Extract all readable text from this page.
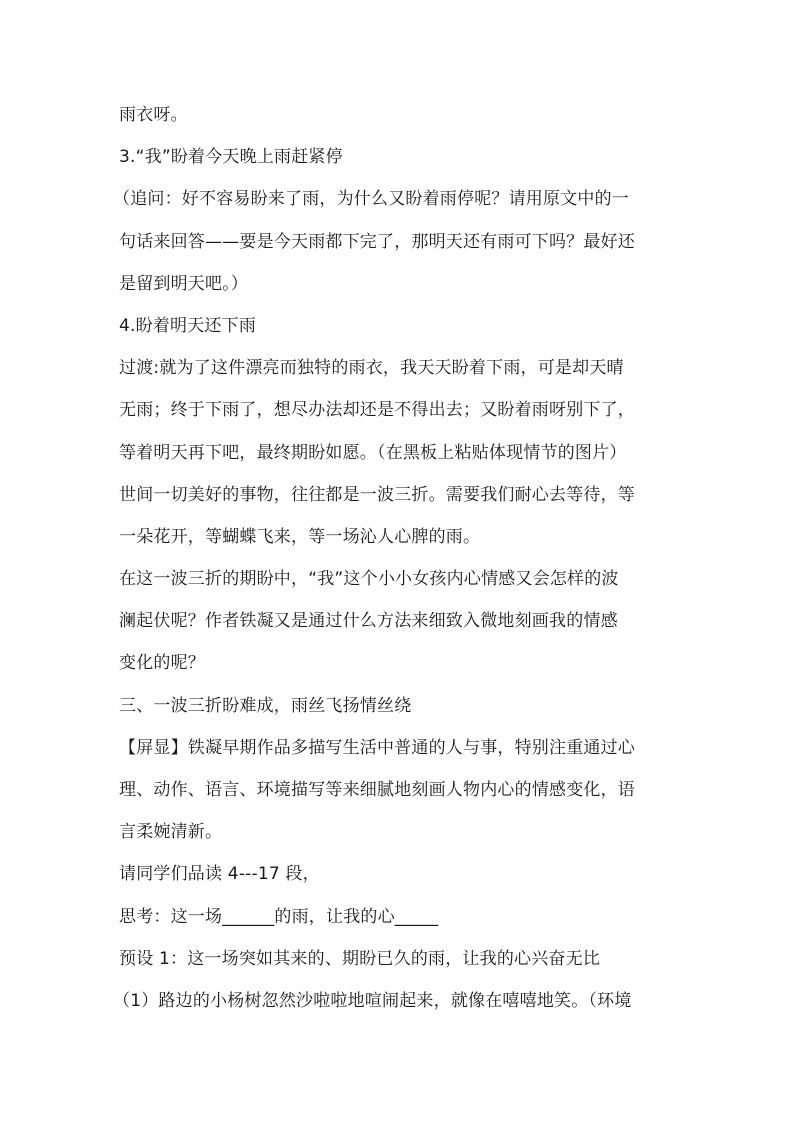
雨衣呀。
3.“我”盼着今天晚上雨赶紧停
（追问：好不容易盼来了雨，为什么又盼着雨停呢？请用原文中的一
句话来回答——要是今天雨都下完了，那明天还有雨可下吗？最好还
是留到明天吧。）
4.盼着明天还下雨
过渡:就为了这件漂亮而独特的雨衣，我天天盼着下雨，可是却天晴
无雨；终于下雨了，想尽办法却还是不得出去；又盼着雨呀别下了，
等着明天再下吧，最终期盼如愿。（在黑板上粘贴体现情节的图片）
世间一切美好的事物，往往都是一波三折。需要我们耐心去等待，等
一朵花开，等蝴蝶飞来，等一场沁人心脾的雨。
在这一波三折的期盼中，“我”这个小小女孩内心情感又会怎样的波
澜起伏呢？作者铁凝又是通过什么方法来细致入微地刻画我的情感
变化的呢？
三、一波三折盼难成，雨丝飞扬情丝绕
【屏显】铁凝早期作品多描写生活中普通的人与事，特别注重通过心
理、动作、语言、环境描写等来细腻地刻画人物内心的情感变化，语
言柔婉清新。
请同学们品读 4---17 段，
思考：这一场______的雨，让我的心_____
预设 1：这一场突如其来的、期盼已久的雨，让我的心兴奋无比
（1）路边的小杨树忽然沙啦啦地喧闹起来，就像在嘻嘻地笑。（环境
